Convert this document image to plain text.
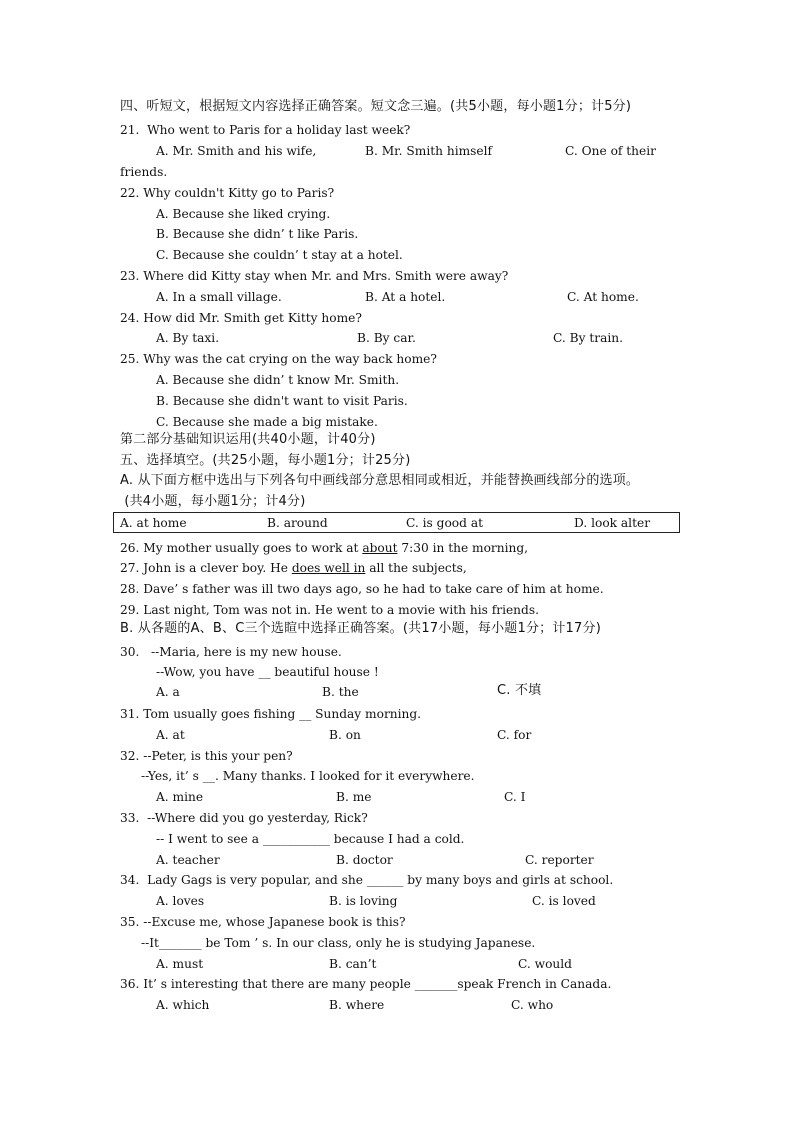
四、听短文，根据短文内容选择正确答案。短文念三遍。(共5小题，每小题1分；计5分)
21.  Who went to Paris for a holiday last week?
A. Mr. Smith and his wife,	B. Mr. Smith himself	C. One of their
friends.
22. Why couldn't Kitty go to Paris?
A. Because she liked crying.
B. Because she didn’ t like Paris.
C. Because she couldn’ t stay at a hotel.
23. Where did Kitty stay when Mr. and Mrs. Smith were away?
A. In a small village.	B. At a hotel.	C. At home.
24. How did Mr. Smith get Kitty home?
A. By taxi.	B. By car.	C. By train.
25. Why was the cat crying on the way back home?
A. Because she didn’ t know Mr. Smith.
B. Because she didn't want to visit Paris.
C. Because she made a big mistake.
第二部分基础知识运用(共40小题，计40分)
五、选择填空。(共25小题，每小题1分；计25分)
A. 从下面方框中选出与下列各句中画线部分意思相同或相近，并能替换画线部分的选项。
(共4小题，每小题1分；计4分)
A. at home	B. around	C. is good at	D. look alter
26. My mother usually goes to work at about 7:30 in the morning,
27. John is a clever boy. He does well in all the subjects,
28. Dave’ s father was ill two days ago, so he had to take care of him at home.
29. Last night, Tom was not in. He went to a movie with his friends.
B. 从各题的A、B、C三个选睻中选择正确答案。(共17小题，每小题1分；计17分)
30.   --Maria, here is my new house.
--Wow, you have __ beautiful house !
A. a	B. the	C. 不填
31. Tom usually goes fishing __ Sunday morning.
A. at	B. on	C. for
32. --Peter, is this your pen?
--Yes, it’ s __. Many thanks. I looked for it everywhere.
A. mine	B. me	C. I
33.  --Where did you go yesterday, Rick?
-- I went to see a ___________ because I had a cold.
A. teacher	B. doctor	C. reporter
34.  Lady Gags is very popular, and she ______ by many boys and girls at school.
A. loves	B. is loving	C. is loved
35. --Excuse me, whose Japanese book is this?
--It_______ be Tom ’ s. In our class, only he is studying Japanese.
A. must	B. can’t	C. would
36. It’ s interesting that there are many people _______speak French in Canada.
A. which	B. where	C. who
